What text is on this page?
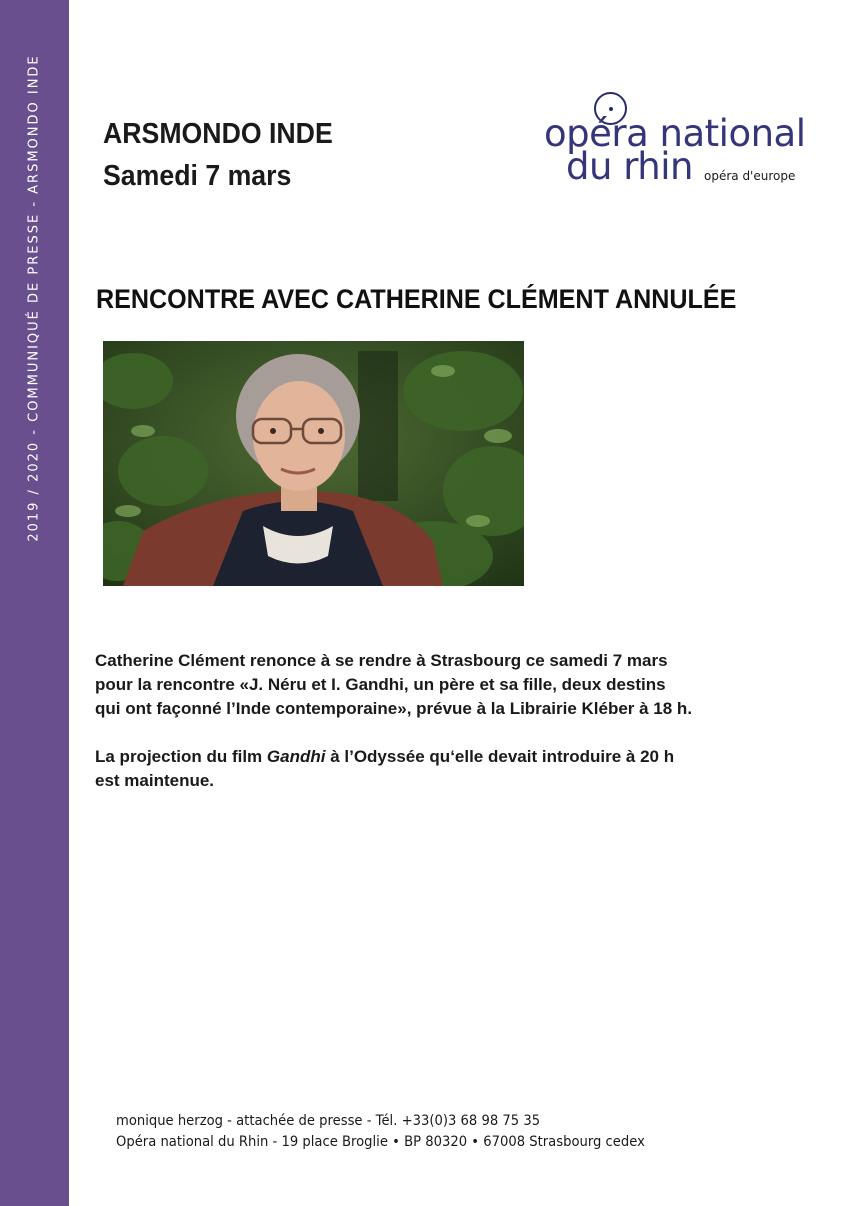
2019 / 2020 - COMMUNIQUÉ DE PRESSE - ARSMONDO INDE ARSMONDO INDE
Samedi 7 mars
opéra national
du rhin opéra d'europe
RENCONTRE AVEC CATHERINE CLÉMENT ANNULÉE

Catherine Clément renonce à se rendre à Strasbourg ce samedi 7 mars
pour la rencontre «J. Néru et I. Gandhi, un père et sa fille, deux destins
qui ont façonné l’Inde contemporaine», prévue à la Librairie Kléber à 18 h.

La projection du film Gandhi à l’Odyssée qu‘elle devait introduire à 20 h
est maintenue.

monique herzog - attachée de presse - Tél. +33(0)3 68 98 75 35
Opéra national du Rhin - 19 place Broglie • BP 80320 • 67008 Strasbourg cedex
